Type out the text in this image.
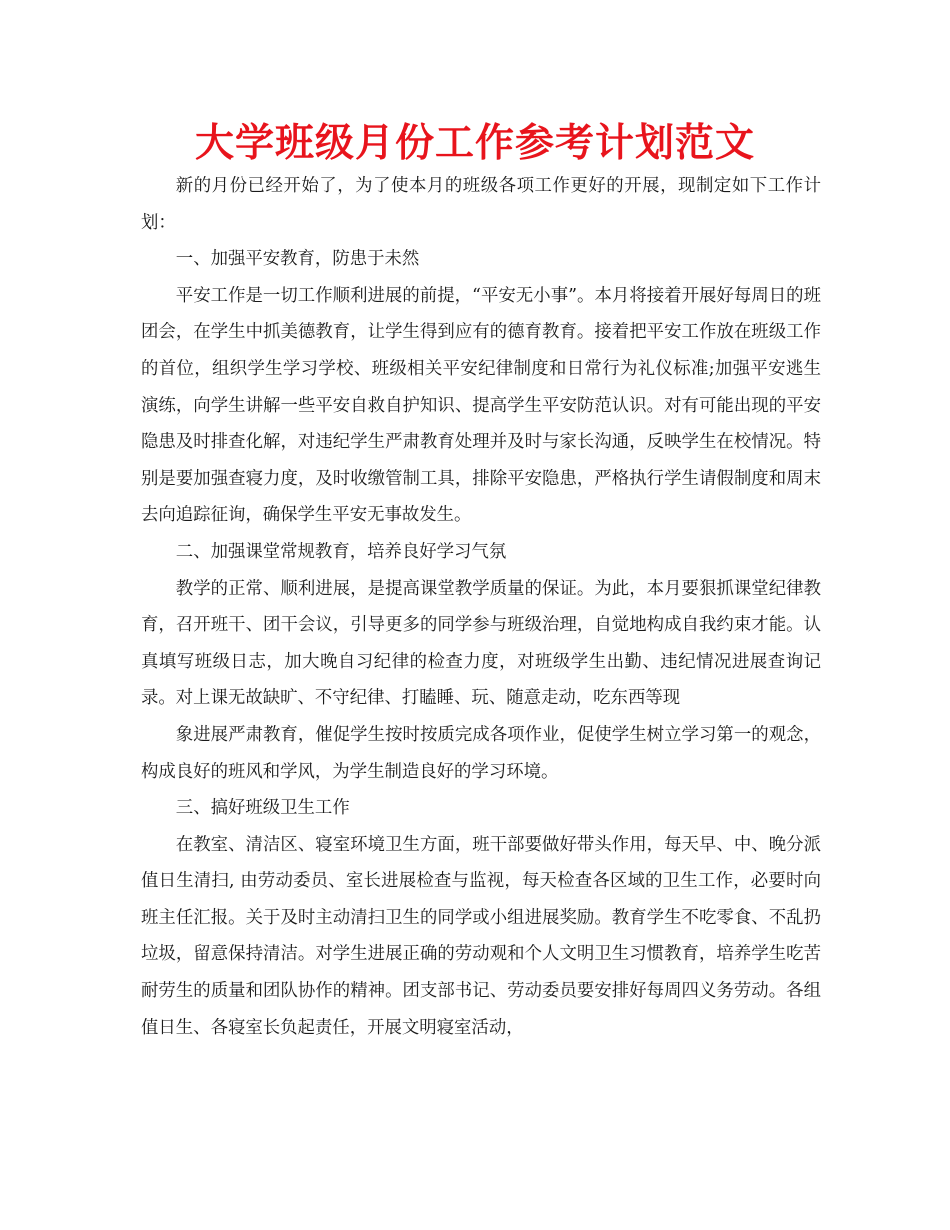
大学班级月份工作参考计划范文

新的月份已经开始了，为了使本月的班级各项工作更好的开展，现制定如下工作计划：

一、加强平安教育，防患于未然

平安工作是一切工作顺利进展的前提，“平安无小事”。本月将接着开展好每周日的班团会，在学生中抓美德教育，让学生得到应有的德育教育。接着把平安工作放在班级工作的首位，组织学生学习学校、班级相关平安纪律制度和日常行为礼仪标准;加强平安逃生演练，向学生讲解一些平安自救自护知识、提高学生平安防范认识。对有可能出现的平安隐患及时排查化解，对违纪学生严肃教育处理并及时与家长沟通，反映学生在校情况。特别是要加强查寝力度，及时收缴管制工具，排除平安隐患，严格执行学生请假制度和周末去向追踪征询，确保学生平安无事故发生。

二、加强课堂常规教育，培养良好学习气氛

教学的正常、顺利进展，是提高课堂教学质量的保证。为此，本月要狠抓课堂纪律教育，召开班干、团干会议，引导更多的同学参与班级治理，自觉地构成自我约束才能。认真填写班级日志，加大晚自习纪律的检查力度，对班级学生出勤、违纪情况进展查询记录。对上课无故缺旷、不守纪律、打瞌睡、玩、随意走动，吃东西等现

象进展严肃教育，催促学生按时按质完成各项作业，促使学生树立学习第一的观念，构成良好的班风和学风，为学生制造良好的学习环境。

三、搞好班级卫生工作

在教室、清洁区、寝室环境卫生方面，班干部要做好带头作用，每天早、中、晚分派值日生清扫, 由劳动委员、室长进展检查与监视，每天检查各区域的卫生工作，必要时向班主任汇报。关于及时主动清扫卫生的同学或小组进展奖励。教育学生不吃零食、不乱扔垃圾，留意保持清洁。对学生进展正确的劳动观和个人文明卫生习惯教育，培养学生吃苦耐劳生的质量和团队协作的精神。团支部书记、劳动委员要安排好每周四义务劳动。各组值日生、各寝室长负起责任，开展文明寝室活动，
